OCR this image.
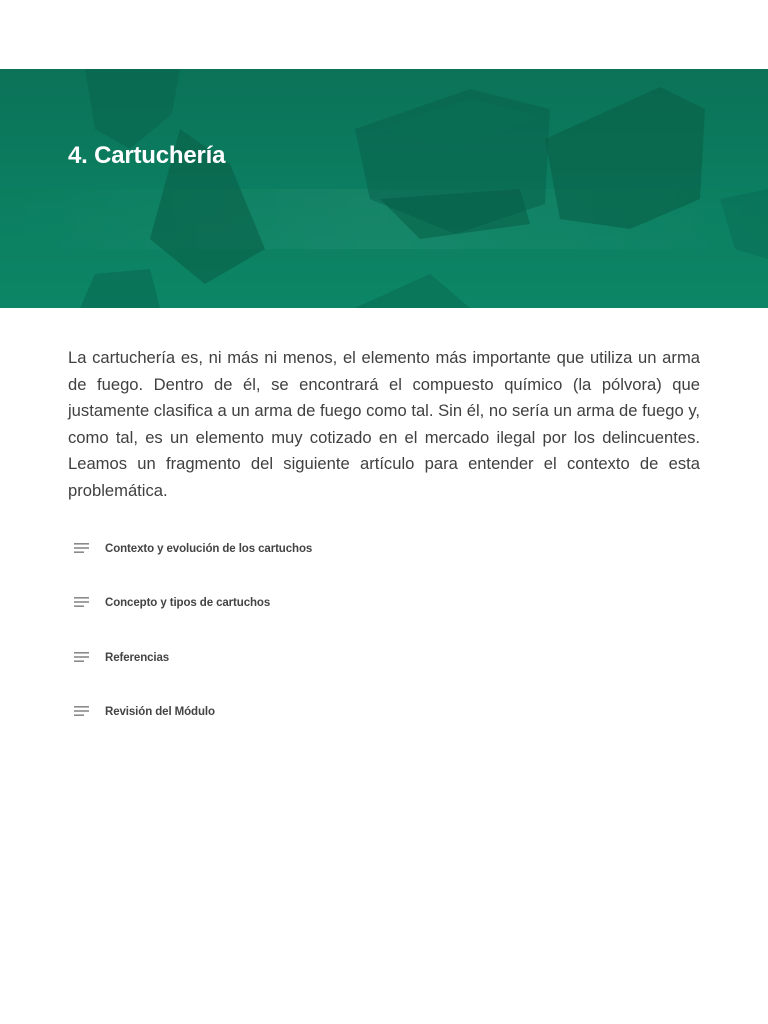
4. Cartuchería

La cartuchería es, ni más ni menos, el elemento más importante que utiliza un arma de fuego. Dentro de él, se encontrará el compuesto químico (la pólvora) que justamente clasifica a un arma de fuego como tal. Sin él, no sería un arma de fuego y, como tal, es un elemento muy cotizado en el mercado ilegal por los delincuentes. Leamos un fragmento del siguiente artículo para entender el contexto de esta problemática.

Contexto y evolución de los cartuchos
Concepto y tipos de cartuchos
Referencias
Revisión del Módulo
